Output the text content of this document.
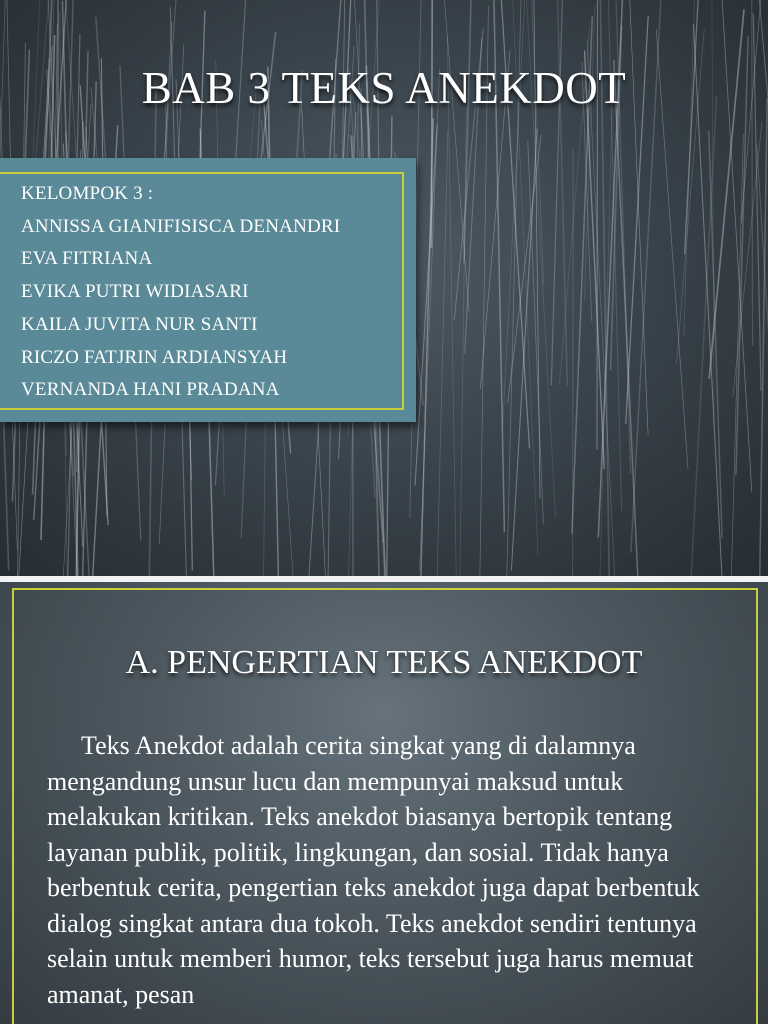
BAB 3 TEKS ANEKDOT
KELOMPOK 3 :
ANNISSA GIANIFISISCA DENANDRI
EVA FITRIANA
EVIKA PUTRI WIDIASARI
KAILA JUVITA NUR SANTI
RICZO FATJRIN ARDIANSYAH
VERNANDA HANI PRADANA
A. PENGERTIAN TEKS ANEKDOT

Teks Anekdot adalah cerita singkat yang di dalamnya mengandung unsur lucu dan mempunyai maksud untuk melakukan kritikan. Teks anekdot biasanya bertopik tentang layanan publik, politik, lingkungan, dan sosial. Tidak hanya berbentuk cerita, pengertian teks anekdot juga dapat berbentuk dialog singkat antara dua tokoh. Teks anekdot sendiri tentunya selain untuk memberi humor, teks tersebut juga harus memuat amanat, pesan
